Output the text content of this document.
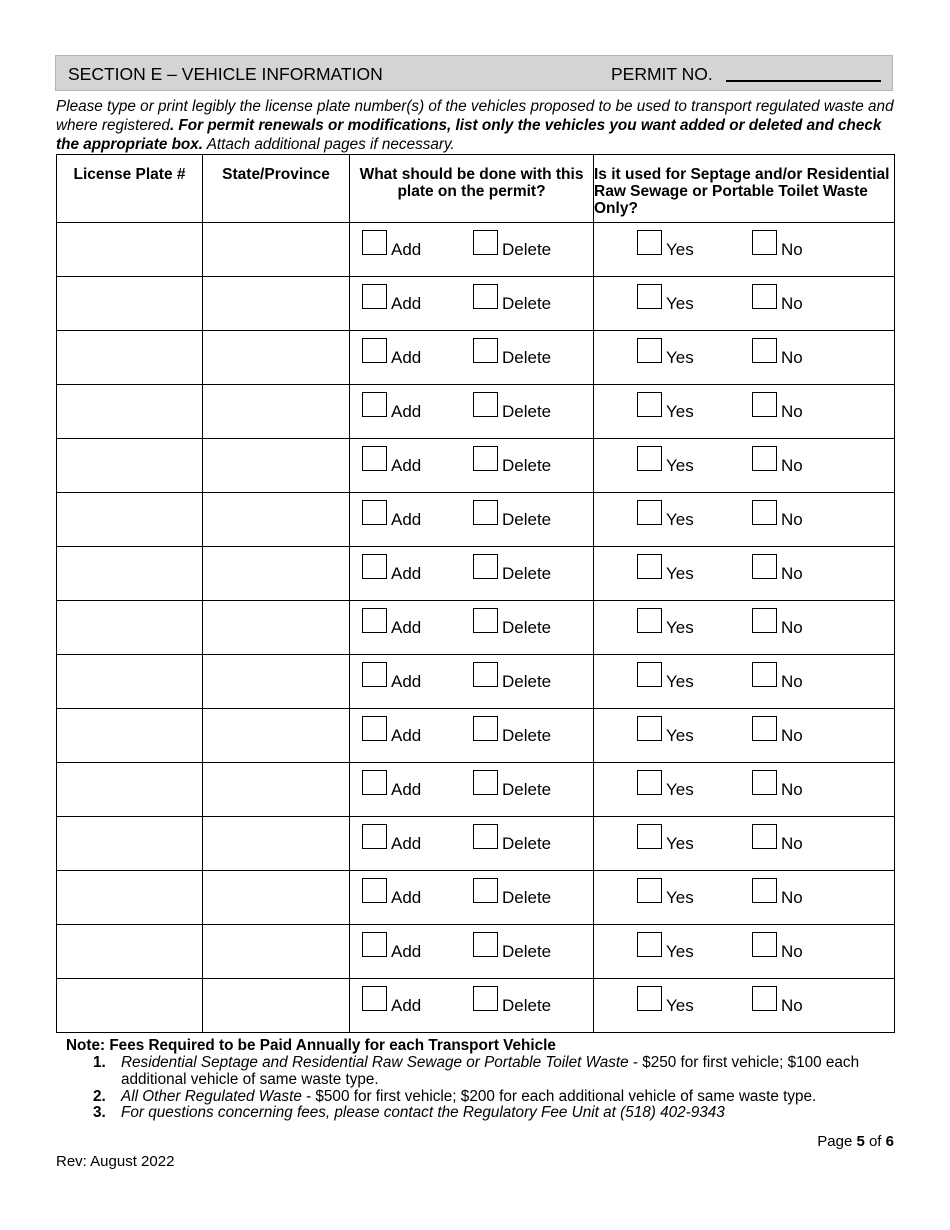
SECTION E – VEHICLE INFORMATION	PERMIT NO.
Please type or print legibly the license plate number(s) of the vehicles proposed to be used to transport regulated waste and where registered. For permit renewals or modifications, list only the vehicles you want added or deleted and check the appropriate box. Attach additional pages if necessary.
License Plate #	State/Province	What should be done with this plate on the permit?	Is it used for Septage and/or Residential Raw Sewage or Portable Toilet Waste Only?

		Add Delete	Yes No

		Add Delete	Yes No

		Add Delete	Yes No

		Add Delete	Yes No

		Add Delete	Yes No

		Add Delete	Yes No

		Add Delete	Yes No

		Add Delete	Yes No

		Add Delete	Yes No

		Add Delete	Yes No

		Add Delete	Yes No

		Add Delete	Yes No

		Add Delete	Yes No

		Add Delete	Yes No

		Add Delete	Yes No
Note: Fees Required to be Paid Annually for each Transport Vehicle
1. Residential Septage and Residential Raw Sewage or Portable Toilet Waste - $250 for first vehicle; $100 each additional vehicle of same waste type.
2. All Other Regulated Waste - $500 for first vehicle; $200 for each additional vehicle of same waste type.
3. For questions concerning fees, please contact the Regulatory Fee Unit at (518) 402-9343
Page 5 of 6
Rev: August 2022
